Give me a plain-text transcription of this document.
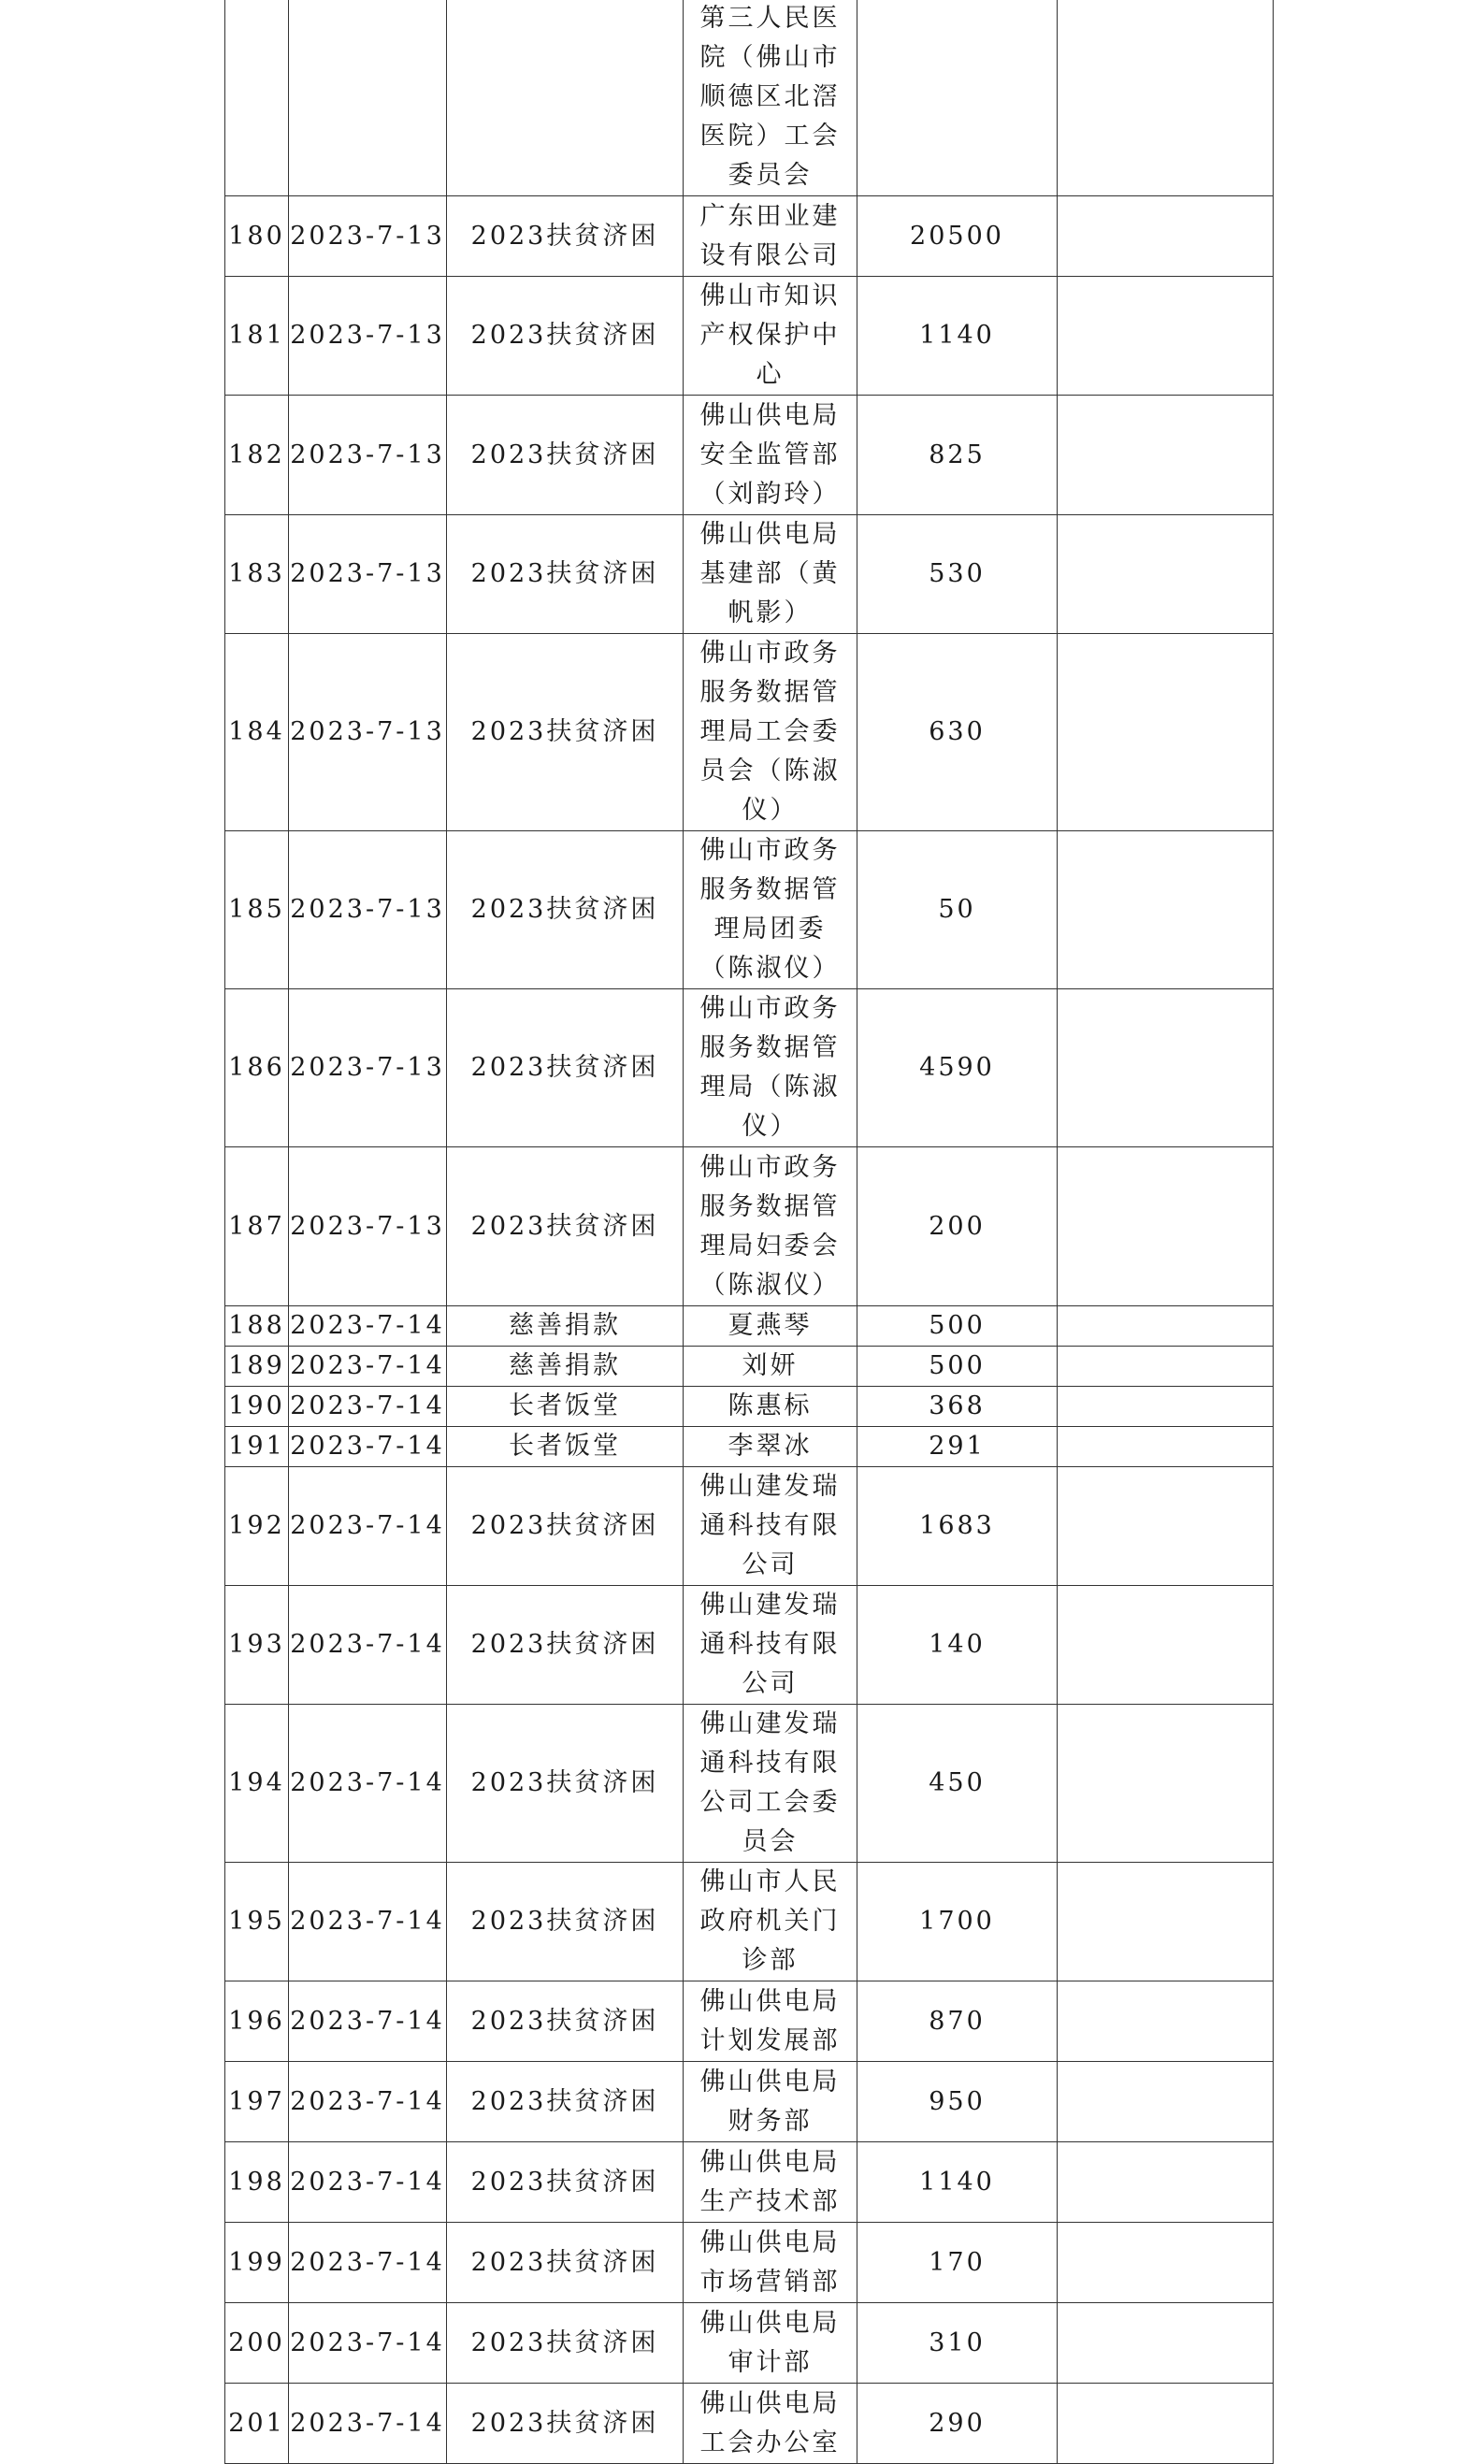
			第三人民医院（佛山市顺德区北滘医院）工会委员会		
180	2023-7-13	2023扶贫济困	广东田业建设有限公司	20500	
181	2023-7-13	2023扶贫济困	佛山市知识产权保护中心	1140	
182	2023-7-13	2023扶贫济困	佛山供电局安全监管部（刘韵玲）	825	
183	2023-7-13	2023扶贫济困	佛山供电局基建部（黄帆影）	530	
184	2023-7-13	2023扶贫济困	佛山市政务服务数据管理局工会委员会（陈淑仪）	630	
185	2023-7-13	2023扶贫济困	佛山市政务服务数据管理局团委（陈淑仪）	50	
186	2023-7-13	2023扶贫济困	佛山市政务服务数据管理局（陈淑仪）	4590	
187	2023-7-13	2023扶贫济困	佛山市政务服务数据管理局妇委会（陈淑仪）	200	
188	2023-7-14	慈善捐款	夏燕琴	500	
189	2023-7-14	慈善捐款	刘妍	500	
190	2023-7-14	长者饭堂	陈惠标	368	
191	2023-7-14	长者饭堂	李翠冰	291	
192	2023-7-14	2023扶贫济困	佛山建发瑞通科技有限公司	1683	
193	2023-7-14	2023扶贫济困	佛山建发瑞通科技有限公司	140	
194	2023-7-14	2023扶贫济困	佛山建发瑞通科技有限公司工会委员会	450	
195	2023-7-14	2023扶贫济困	佛山市人民政府机关门诊部	1700	
196	2023-7-14	2023扶贫济困	佛山供电局计划发展部	870	
197	2023-7-14	2023扶贫济困	佛山供电局财务部	950	
198	2023-7-14	2023扶贫济困	佛山供电局生产技术部	1140	
199	2023-7-14	2023扶贫济困	佛山供电局市场营销部	170	
200	2023-7-14	2023扶贫济困	佛山供电局审计部	310	
201	2023-7-14	2023扶贫济困	佛山供电局工会办公室	290	
